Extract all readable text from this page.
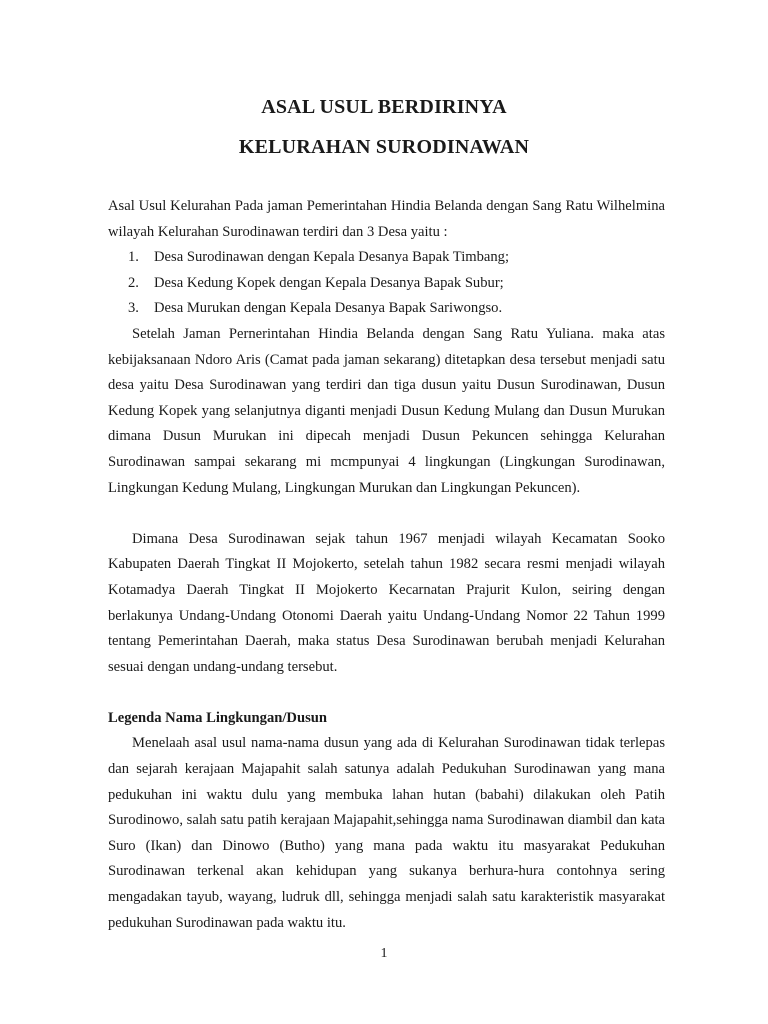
ASAL USUL BERDIRINYA
KELURAHAN SURODINAWAN

Asal Usul Kelurahan Pada jaman Pemerintahan Hindia Belanda dengan Sang Ratu Wilhelmina wilayah Kelurahan Surodinawan terdiri dan 3 Desa yaitu :

1.	Desa Surodinawan dengan Kepala Desanya Bapak Timbang;
2.	Desa Kedung Kopek dengan Kepala Desanya Bapak Subur;
3.	Desa Murukan dengan Kepala Desanya Bapak Sariwongso.

Setelah Jaman Pernerintahan Hindia Belanda dengan Sang Ratu Yuliana. maka atas kebijaksanaan Ndoro Aris (Camat pada jaman sekarang) ditetapkan desa tersebut menjadi satu desa yaitu Desa Surodinawan yang terdiri dan tiga dusun yaitu Dusun Surodinawan, Dusun Kedung Kopek yang selanjutnya diganti menjadi Dusun Kedung Mulang dan Dusun Murukan dimana Dusun Murukan ini dipecah menjadi Dusun Pekuncen sehingga Kelurahan Surodinawan sampai sekarang mi mcmpunyai 4 lingkungan (Lingkungan Surodinawan, Lingkungan Kedung Mulang, Lingkungan Murukan dan Lingkungan Pekuncen).

Dimana Desa Surodinawan sejak tahun 1967 menjadi wilayah Kecamatan Sooko Kabupaten Daerah Tingkat II Mojokerto, setelah tahun 1982 secara resmi menjadi wilayah Kotamadya Daerah Tingkat II Mojokerto Kecarnatan Prajurit Kulon, seiring dengan berlakunya Undang-Undang Otonomi Daerah yaitu Undang-Undang Nomor 22 Tahun 1999 tentang Pemerintahan Daerah, maka status Desa Surodinawan berubah menjadi Kelurahan sesuai dengan undang-undang tersebut.

Legenda Nama Lingkungan/Dusun

Menelaah asal usul nama-nama dusun yang ada di Kelurahan Surodinawan tidak terlepas dan sejarah kerajaan Majapahit salah satunya adalah Pedukuhan Surodinawan yang mana pedukuhan ini waktu dulu yang membuka lahan hutan (babahi) dilakukan oleh Patih Surodinowo, salah satu patih kerajaan Majapahit,sehingga nama Surodinawan diambil dan kata Suro (Ikan) dan Dinowo (Butho) yang mana pada waktu itu masyarakat Pedukuhan Surodinawan terkenal akan kehidupan yang sukanya berhura-hura contohnya sering mengadakan tayub, wayang, ludruk dll, sehingga menjadi salah satu karakteristik masyarakat pedukuhan Surodinawan pada waktu itu.

1
